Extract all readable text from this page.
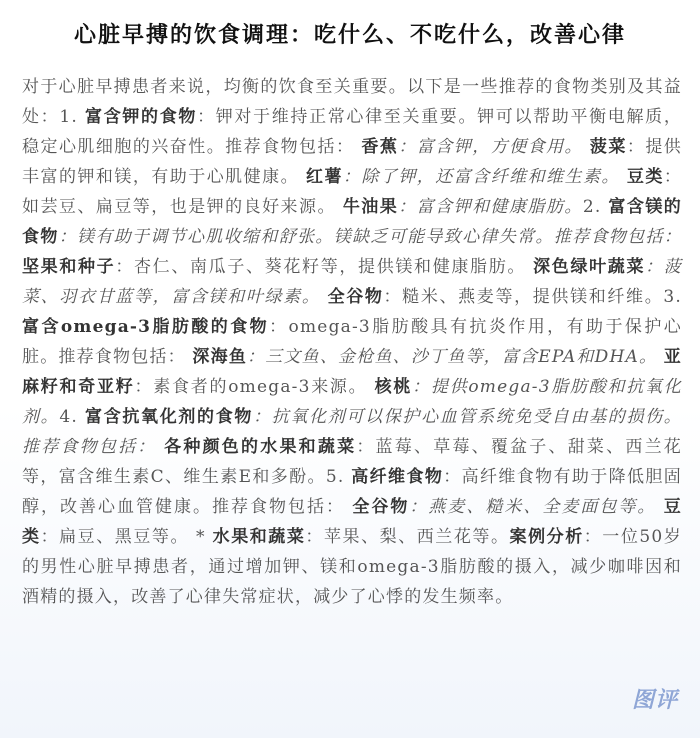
心脏早搏的饮食调理：吃什么、不吃什么，改善心律

对于心脏早搏患者来说，均衡的饮食至关重要。以下是一些推荐的食物类别及其益处：1. 富含钾的食物：钾对于维持正常心律至关重要。钾可以帮助平衡电解质，稳定心肌细胞的兴奋性。推荐食物包括： 香蕉：富含钾，方便食用。 菠菜：提供丰富的钾和镁，有助于心肌健康。 红薯：除了钾，还富含纤维和维生素。 豆类：如芸豆、扁豆等，也是钾的良好来源。 牛油果：富含钾和健康脂肪。2. 富含镁的食物：镁有助于调节心肌收缩和舒张。镁缺乏可能导致心律失常。推荐食物包括： 坚果和种子：杏仁、南瓜子、葵花籽等，提供镁和健康脂肪。 深色绿叶蔬菜：菠菜、羽衣甘蓝等，富含镁和叶绿素。 全谷物：糙米、燕麦等，提供镁和纤维。3. 富含omega-3脂肪酸的食物：omega-3脂肪酸具有抗炎作用，有助于保护心脏。推荐食物包括： 深海鱼：三文鱼、金枪鱼、沙丁鱼等，富含EPA和DHA。 亚麻籽和奇亚籽：素食者的omega-3来源。 核桃：提供omega-3脂肪酸和抗氧化剂。4. 富含抗氧化剂的食物：抗氧化剂可以保护心血管系统免受自由基的损伤。推荐食物包括： 各种颜色的水果和蔬菜：蓝莓、草莓、覆盆子、甜菜、西兰花等，富含维生素C、维生素E和多酚。5. 高纤维食物：高纤维食物有助于降低胆固醇，改善心血管健康。推荐食物包括： 全谷物：燕麦、糙米、全麦面包等。 豆类：扁豆、黑豆等。 * 水果和蔬菜：苹果、梨、西兰花等。案例分析：一位50岁的男性心脏早搏患者，通过增加钾、镁和omega-3脂肪酸的摄入，减少咖啡因和酒精的摄入，改善了心律失常症状，减少了心悸的发生频率。

图评
